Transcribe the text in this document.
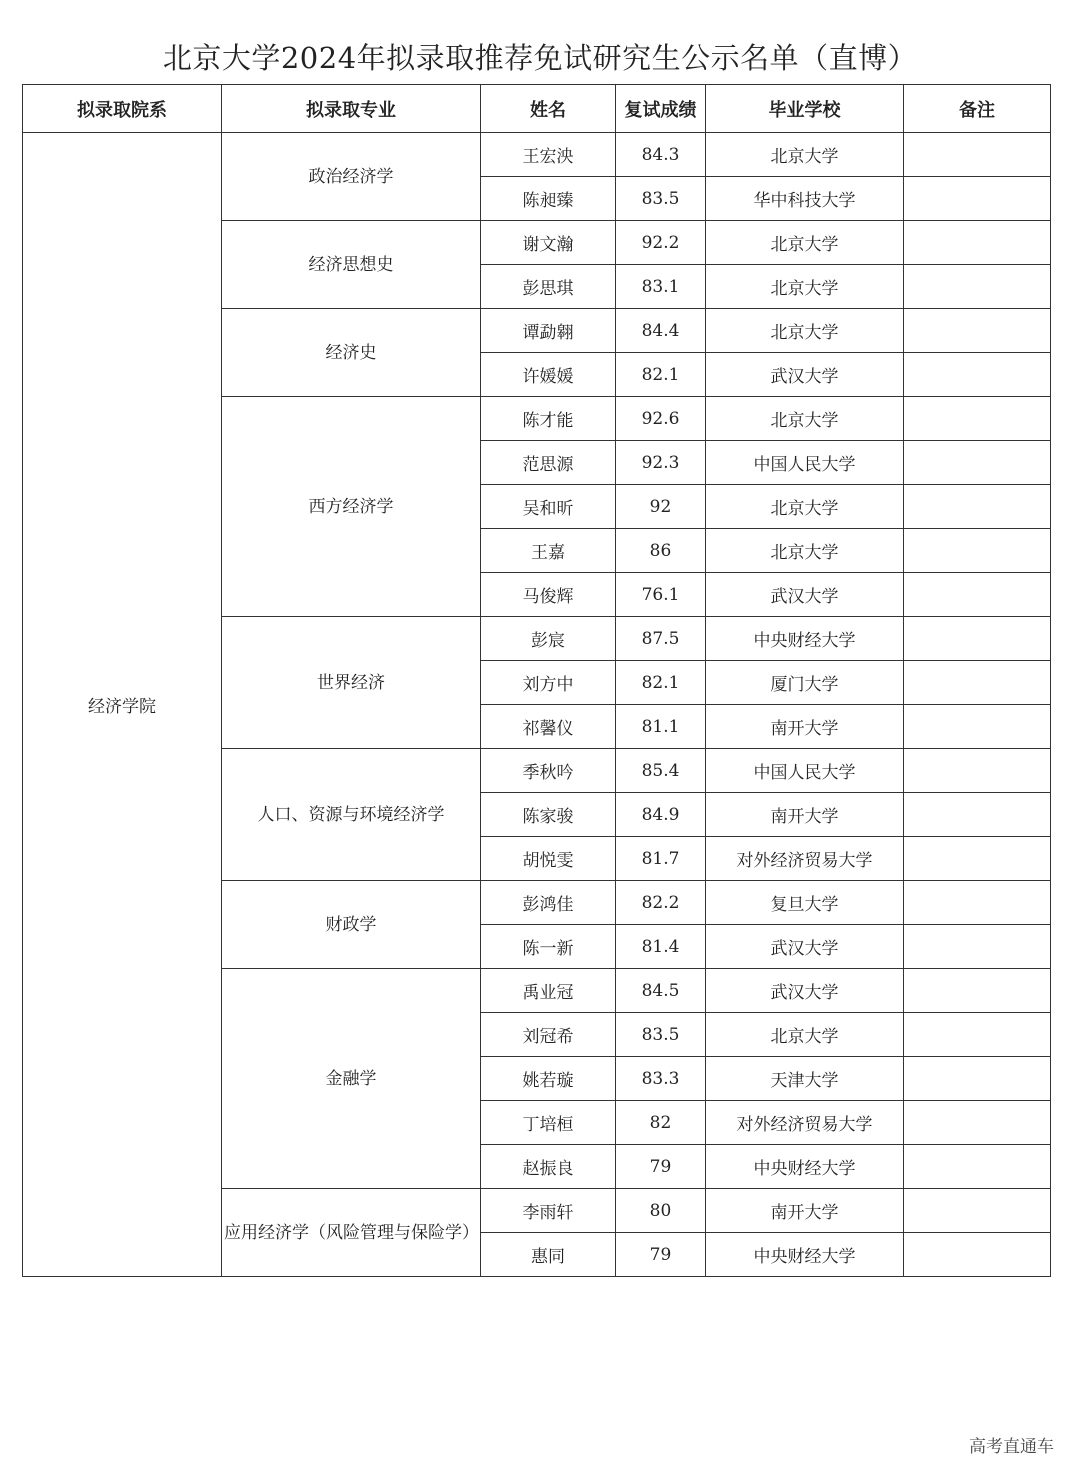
北京大学2024年拟录取推荐免试研究生公示名单（直博）
拟录取院系	拟录取专业	姓名	复试成绩	毕业学校	备注
经济学院	政治经济学	王宏泱	84.3	北京大学	
		陈昶臻	83.5	华中科技大学	
	经济思想史	谢文瀚	92.2	北京大学	
		彭思琪	83.1	北京大学	
	经济史	谭勐翱	84.4	北京大学	
		许媛媛	82.1	武汉大学	
	西方经济学	陈才能	92.6	北京大学	
		范思源	92.3	中国人民大学	
		吴和昕	92	北京大学	
		王嘉	86	北京大学	
		马俊辉	76.1	武汉大学	
	世界经济	彭宸	87.5	中央财经大学	
		刘方中	82.1	厦门大学	
		祁馨仪	81.1	南开大学	
	人口、资源与环境经济学	季秋吟	85.4	中国人民大学	
		陈家骏	84.9	南开大学	
		胡悦雯	81.7	对外经济贸易大学	
	财政学	彭鸿佳	82.2	复旦大学	
		陈一新	81.4	武汉大学	
	金融学	禹业冠	84.5	武汉大学	
		刘冠希	83.5	北京大学	
		姚若璇	83.3	天津大学	
		丁培桓	82	对外经济贸易大学	
		赵振良	79	中央财经大学	
	应用经济学（风险管理与保险学）	李雨轩	80	南开大学	
		惠同	79	中央财经大学	
高考直通车
